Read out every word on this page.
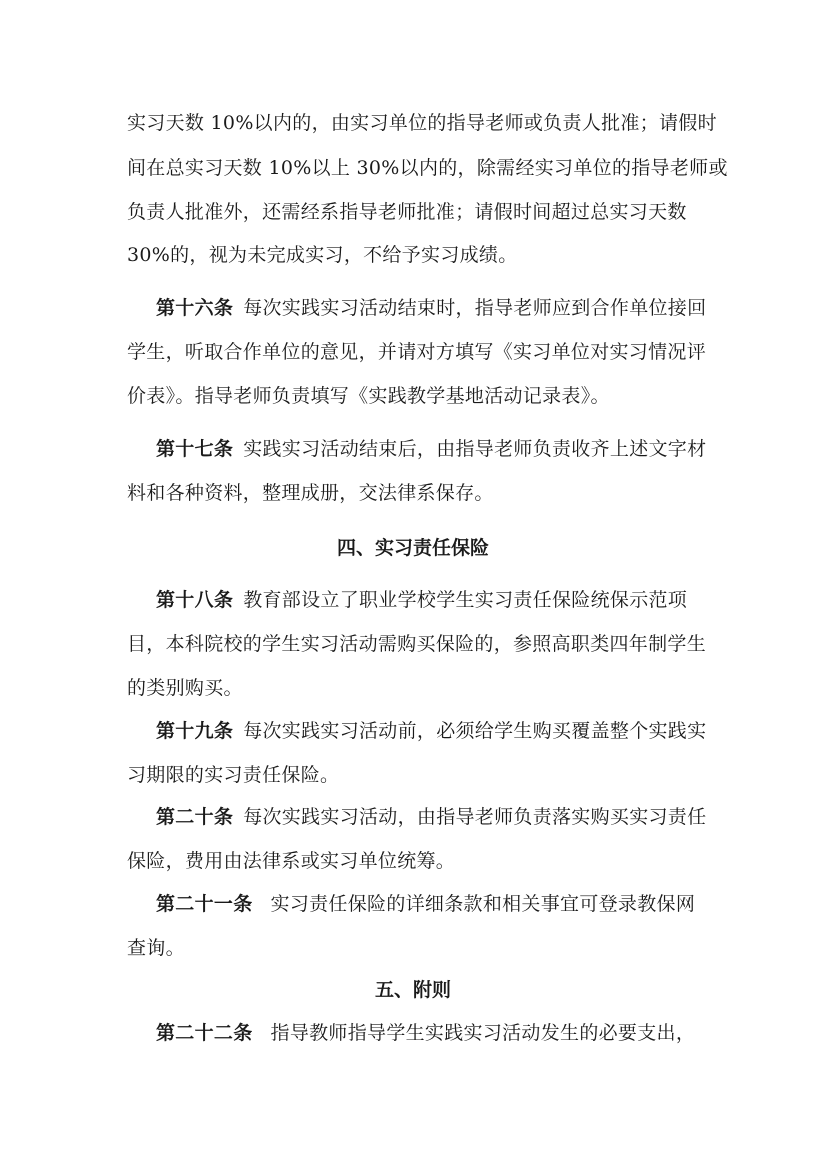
实习天数 10%以内的，由实习单位的指导老师或负责人批准；请假时
间在总实习天数 10%以上 30%以内的，除需经实习单位的指导老师或
负责人批准外，还需经系指导老师批准；请假时间超过总实习天数
30%的，视为未完成实习，不给予实习成绩。
第十六条 每次实践实习活动结束时，指导老师应到合作单位接回
学生，听取合作单位的意见，并请对方填写《实习单位对实习情况评
价表》。指导老师负责填写《实践教学基地活动记录表》。
第十七条 实践实习活动结束后，由指导老师负责收齐上述文字材
料和各种资料，整理成册，交法律系保存。
四、实习责任保险
第十八条 教育部设立了职业学校学生实习责任保险统保示范项
目，本科院校的学生实习活动需购买保险的，参照高职类四年制学生
的类别购买。
第十九条 每次实践实习活动前，必须给学生购买覆盖整个实践实
习期限的实习责任保险。
第二十条 每次实践实习活动，由指导老师负责落实购买实习责任
保险，费用由法律系或实习单位统筹。
第二十一条 实习责任保险的详细条款和相关事宜可登录教保网
查询。
五、附则
第二十二条 指导教师指导学生实践实习活动发生的必要支出，
